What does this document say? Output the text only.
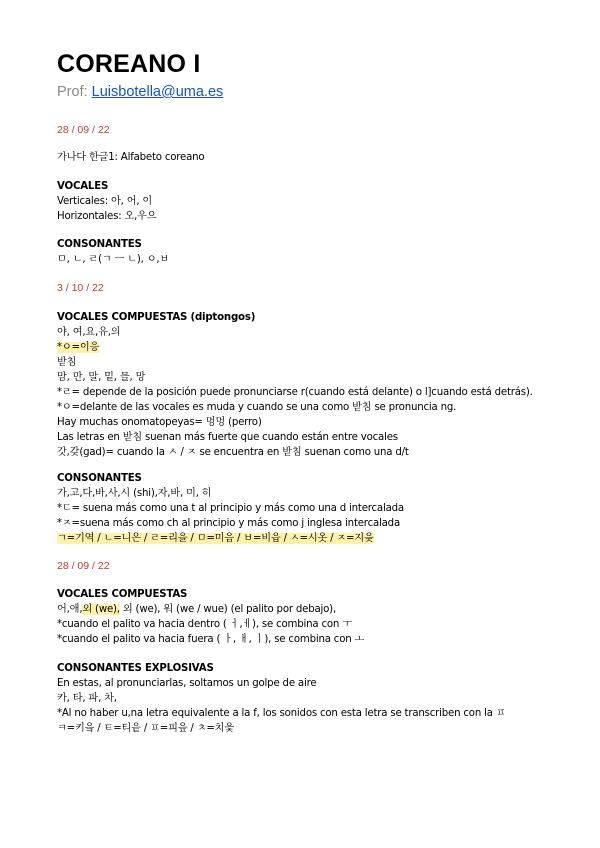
COREANO I
Prof: Luisbotella@uma.es
28 / 09 / 22
가나다 한글1: Alfabeto coreano
VOCALES
Verticales: 아, 어, 이
Horizontales: 오,우으
CONSONANTES
ㅁ, ㄴ, ㄹ(ㄱ ㅡ ㄴ), ㅇ,ㅂ
3 / 10 / 22
VOCALES COMPUESTAS (diptongos)
야, 여,요,유,의
*ㅇ=이응
받침
맘, 만, 말, 밑, 믈, 망
*ㄹ= depende de la posición puede pronunciarse r(cuando está delante) o l]cuando está detrás).
*ㅇ=delante de las vocales es muda y cuando se una como 받침 se pronuncia ng.
Hay muchas onomatopeyas= 멍멍 (perro)
Las letras en 받침 suenan más fuerte que cuando están entre vocales
갓,갖(gad)= cuando la ㅅ / ㅈ se encuentra en 받침 suenan como una d/t
CONSONANTES
가,고,다,바,사,시 (shi),자,바, 미, 히
*ㄷ= suena más como una t al principio y más como una d intercalada
*ㅈ=suena más como ch al principio y más como j inglesa intercalada
ㄱ=기역 / ㄴ=니은 / ㄹ=리을 / ㅁ=미음 / ㅂ=비읍 / ㅅ=시옷 / ㅈ=지읒
28 / 09 / 22
VOCALES COMPUESTAS
어,애,외 (we), 외 (we), 워 (we / wue) (el palito por debajo),
*cuando el palito va hacia dentro ( ㅓ,ㅔ), se combina con ㅜ
*cuando el palito va hacia fuera ( ㅏ, ㅐ, ㅣ), se combina con ㅗ
CONSONANTES EXPLOSIVAS
En estas, al pronunciarlas, soltamos un golpe de aire
카, 타, 파, 차,
*Al no haber u,na letra equivalente a la f, los sonidos con esta letra se transcriben con la ㅍ
ㅋ=키읔 / ㅌ=티읕 / ㅍ=피읖 / ㅊ=치읓
